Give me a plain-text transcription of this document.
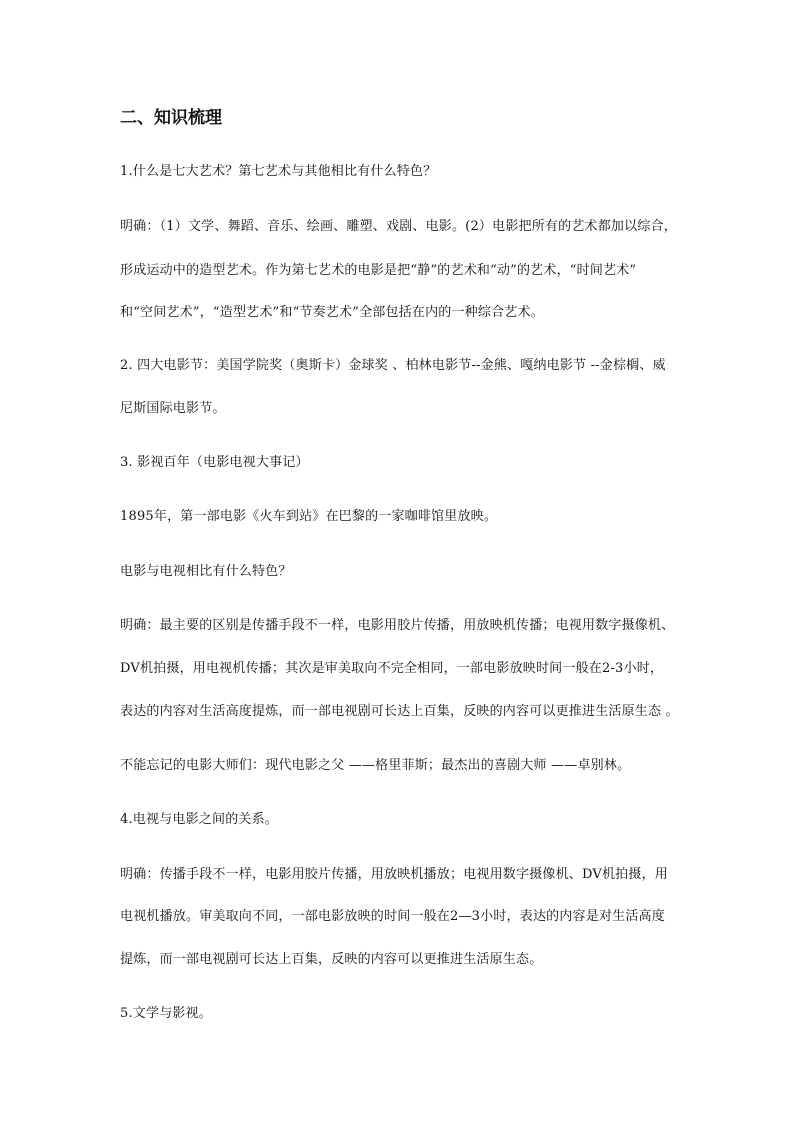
二、知识梳理
1.什么是七大艺术？第七艺术与其他相比有什么特色？
明确：（1）文学、舞蹈、音乐、绘画、雕塑、戏剧、电影。(2）电影把所有的艺术都加以综合，
形成运动中的造型艺术。作为第七艺术的电影是把“静”的艺术和“动”的艺术，“时间艺术”
和“空间艺术”，“造型艺术”和“节奏艺术”全部包括在内的一种综合艺术。
2. 四大电影节：美国学院奖（奥斯卡）金球奖 、柏林电影节--金熊、嘎纳电影节 --金棕榈、威
尼斯国际电影节。
3. 影视百年（电影电视大事记）
1895年，第一部电影《火车到站》在巴黎的一家咖啡馆里放映。
电影与电视相比有什么特色？
明确：最主要的区别是传播手段不一样，电影用胶片传播，用放映机传播；电视用数字摄像机、
DV机拍摄，用电视机传播；其次是审美取向不完全相同，一部电影放映时间一般在2-3小时，
表达的内容对生活高度提炼，而一部电视剧可长达上百集，反映的内容可以更推进生活原生态 。
不能忘记的电影大师们：现代电影之父 ——格里菲斯；最杰出的喜剧大师 ——卓别林。
4.电视与电影之间的关系。
明确：传播手段不一样，电影用胶片传播，用放映机播放；电视用数字摄像机、DV机拍摄，用
电视机播放。审美取向不同，一部电影放映的时间一般在2—3小时，表达的内容是对生活高度
提炼，而一部电视剧可长达上百集，反映的内容可以更推进生活原生态。
5.文学与影视。
